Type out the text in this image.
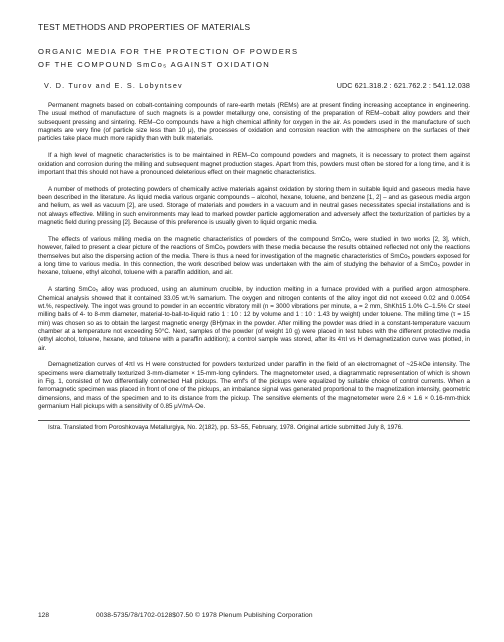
TEST METHODS AND PROPERTIES OF MATERIALS

ORGANIC MEDIA FOR THE PROTECTION OF POWDERS

OF THE COMPOUND SmCo₅ AGAINST OXIDATION

V. D. Turov and E. S. Lobyntsev	UDC 621.318.2 : 621.762.2 : 541.12.038

Permanent magnets based on cobalt-containing compounds of rare-earth metals (REMs) are at present finding increasing acceptance in engineering. The usual method of manufacture of such magnets is a powder metallurgy one, consisting of the preparation of REM–cobalt alloy powders and their subsequent pressing and sintering. REM–Co compounds have a high chemical affinity for oxygen in the air. As powders used in the manufacture of such magnets are very fine (of particle size less than 10 μ), the processes of oxidation and corrosion reaction with the atmosphere on the surfaces of their particles take place much more rapidly than with bulk materials.

If a high level of magnetic characteristics is to be maintained in REM–Co compound powders and magnets, it is necessary to protect them against oxidation and corrosion during the milling and subsequent magnet production stages. Apart from this, powders must often be stored for a long time, and it is important that this should not have a pronounced deleterious effect on their magnetic characteristics.

A number of methods of protecting powders of chemically active materials against oxidation by storing them in suitable liquid and gaseous media have been described in the literature. As liquid media various organic compounds – alcohol, hexane, toluene, and benzene [1, 2] – and as gaseous media argon and helium, as well as vacuum [2], are used. Storage of materials and powders in a vacuum and in neutral gases necessitates special installations and is not always effective. Milling in such environments may lead to marked powder particle agglomeration and adversely affect the texturization of particles by a magnetic field during pressing [2]. Because of this preference is usually given to liquid organic media.

The effects of various milling media on the magnetic characteristics of powders of the compound SmCo₅ were studied in two works [2, 3], which, however, failed to present a clear picture of the reactions of SmCo₅ powders with these media because the results obtained reflected not only the reactions themselves but also the dispersing action of the media. There is thus a need for investigation of the magnetic characteristics of SmCo₅ powders exposed for a long time to various media. In this connection, the work described below was undertaken with the aim of studying the behavior of a SmCo₅ powder in hexane, toluene, ethyl alcohol, toluene with a paraffin addition, and air.

A starting SmCo₅ alloy was produced, using an aluminum crucible, by induction melting in a furnace provided with a purified argon atmosphere. Chemical analysis showed that it contained 33.05 wt.% samarium. The oxygen and nitrogen contents of the alloy ingot did not exceed 0.02 and 0.0054 wt.%, respectively. The ingot was ground to powder in an eccentric vibratory mill (n = 3000 vibrations per minute, a = 2 mm, ShKh15 1.0% C–1.5% Cr steel milling balls of 4- to 8-mm diameter, material-to-ball-to-liquid ratio 1 : 10 : 12 by volume and 1 : 10 : 1.43 by weight) under toluene. The milling time (τ = 15 min) was chosen so as to obtain the largest magnetic energy (BH)max in the powder. After milling the powder was dried in a constant-temperature vacuum chamber at a temperature not exceeding 50°C. Next, samples of the powder (of weight 10 g) were placed in test tubes with the different protective media (ethyl alcohol, toluene, hexane, and toluene with a paraffin addition); a control sample was stored, after its 4πI vs H demagnetization curve was plotted, in air.

Demagnetization curves of 4πI vs H were constructed for powders texturized under paraffin in the field of an electromagnet of ~25-kOe intensity. The specimens were diametrally texturized 3-mm-diameter × 15-mm-long cylinders. The magnetometer used, a diagrammatic representation of which is shown in Fig. 1, consisted of two differentially connected Hall pickups. The emf's of the pickups were equalized by suitable choice of control currents. When a ferromagnetic specimen was placed in front of one of the pickups, an imbalance signal was generated proportional to the magnetization intensity, geometric dimensions, and mass of the specimen and to its distance from the pickup. The sensitive elements of the magnetometer were 2.6 × 1.6 × 0.16-mm-thick germanium Hall pickups with a sensitivity of 0.85 μV/mA·Oe.

Istra. Translated from Poroshkovaya Metallurgiya, No. 2(182), pp. 53–55, February, 1978. Original article submitted July 8, 1976.

128	0038-5735/78/1702-0128$07.50 © 1978 Plenum Publishing Corporation
